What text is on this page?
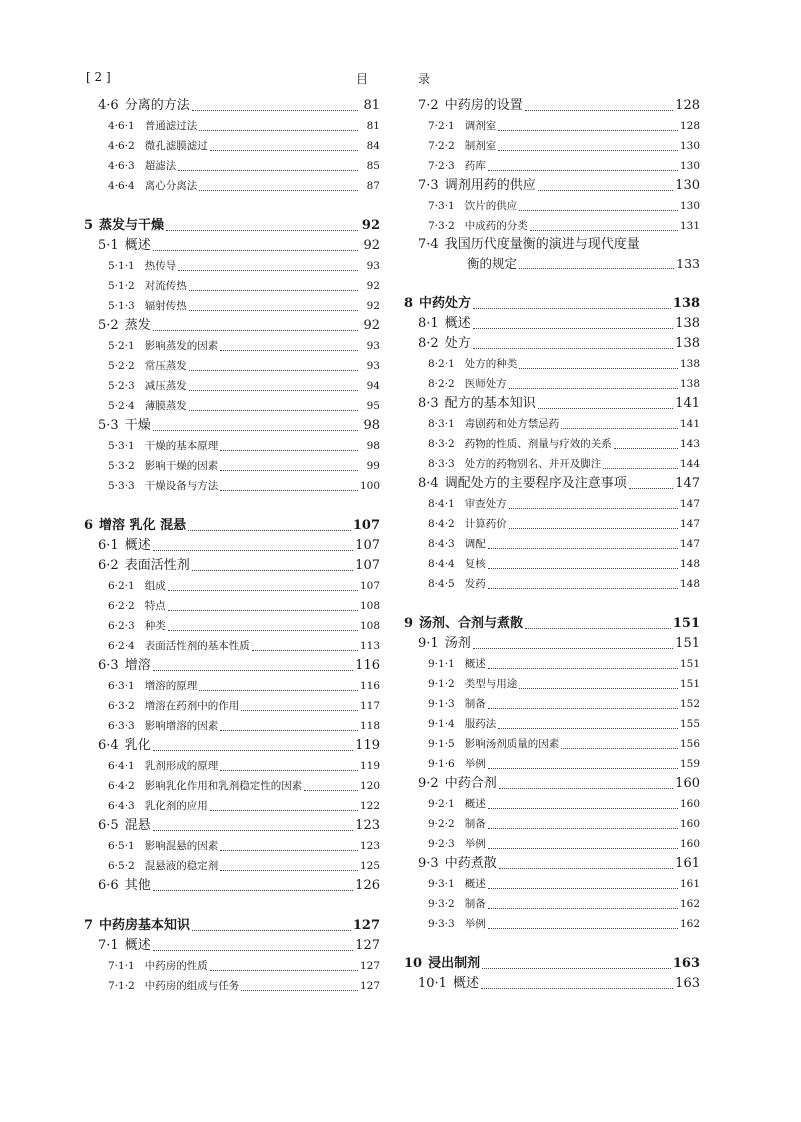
[ 2 ]	目	录
4·6 分离的方法	81
4·6·1 普通滤过法	81
4·6·2 微孔滤膜滤过	84
4·6·3 超滤法	85
4·6·4 离心分离法	87
5 蒸发与干燥	92
5·1 概述	92
5·1·1 热传导	93
5·1·2 对流传热	92
5·1·3 辐射传热	92
5·2 蒸发	92
5·2·1 影响蒸发的因素	93
5·2·2 常压蒸发	93
5·2·3 减压蒸发	94
5·2·4 薄膜蒸发	95
5·3 干燥	98
5·3·1 干燥的基本原理	98
5·3·2 影响干燥的因素	99
5·3·3 干燥设备与方法	100
6 增溶 乳化 混悬	107
6·1 概述	107
6·2 表面活性剂	107
6·2·1 组成	107
6·2·2 特点	108
6·2·3 种类	108
6·2·4 表面活性剂的基本性质	113
6·3 增溶	116
6·3·1 增溶的原理	116
6·3·2 增溶在药剂中的作用	117
6·3·3 影响增溶的因素	118
6·4 乳化	119
6·4·1 乳剂形成的原理	119
6·4·2 影响乳化作用和乳剂稳定性的因素	120
6·4·3 乳化剂的应用	122
6·5 混悬	123
6·5·1 影响混悬的因素	123
6·5·2 混悬液的稳定剂	125
6·6 其他	126
7 中药房基本知识	127
7·1 概述	127
7·1·1 中药房的性质	127
7·1·2 中药房的组成与任务	127
7·2 中药房的设置	128
7·2·1 调剂室	128
7·2·2 制剂室	130
7·2·3 药库	130
7·3 调剂用药的供应	130
7·3·1 饮片的供应	130
7·3·2 中成药的分类	131
7·4 我国历代度量衡的演进与现代度量
衡的规定	133
8 中药处方	138
8·1 概述	138
8·2 处方	138
8·2·1 处方的种类	138
8·2·2 医师处方	138
8·3 配方的基本知识	141
8·3·1 毒剧药和处方禁忌药	141
8·3·2 药物的性质、剂量与疗效的关系	143
8·3·3 处方的药物别名、并开及脚注	144
8·4 调配处方的主要程序及注意事项	147
8·4·1 审查处方	147
8·4·2 计算药价	147
8·4·3 调配	147
8·4·4 复核	148
8·4·5 发药	148
9 汤剂、合剂与煮散	151
9·1 汤剂	151
9·1·1 概述	151
9·1·2 类型与用途	151
9·1·3 制备	152
9·1·4 服药法	155
9·1·5 影响汤剂质量的因素	156
9·1·6 举例	159
9·2 中药合剂	160
9·2·1 概述	160
9·2·2 制备	160
9·2·3 举例	160
9·3 中药煮散	161
9·3·1 概述	161
9·3·2 制备	162
9·3·3 举例	162
10 浸出制剂	163
10·1 概述	163
